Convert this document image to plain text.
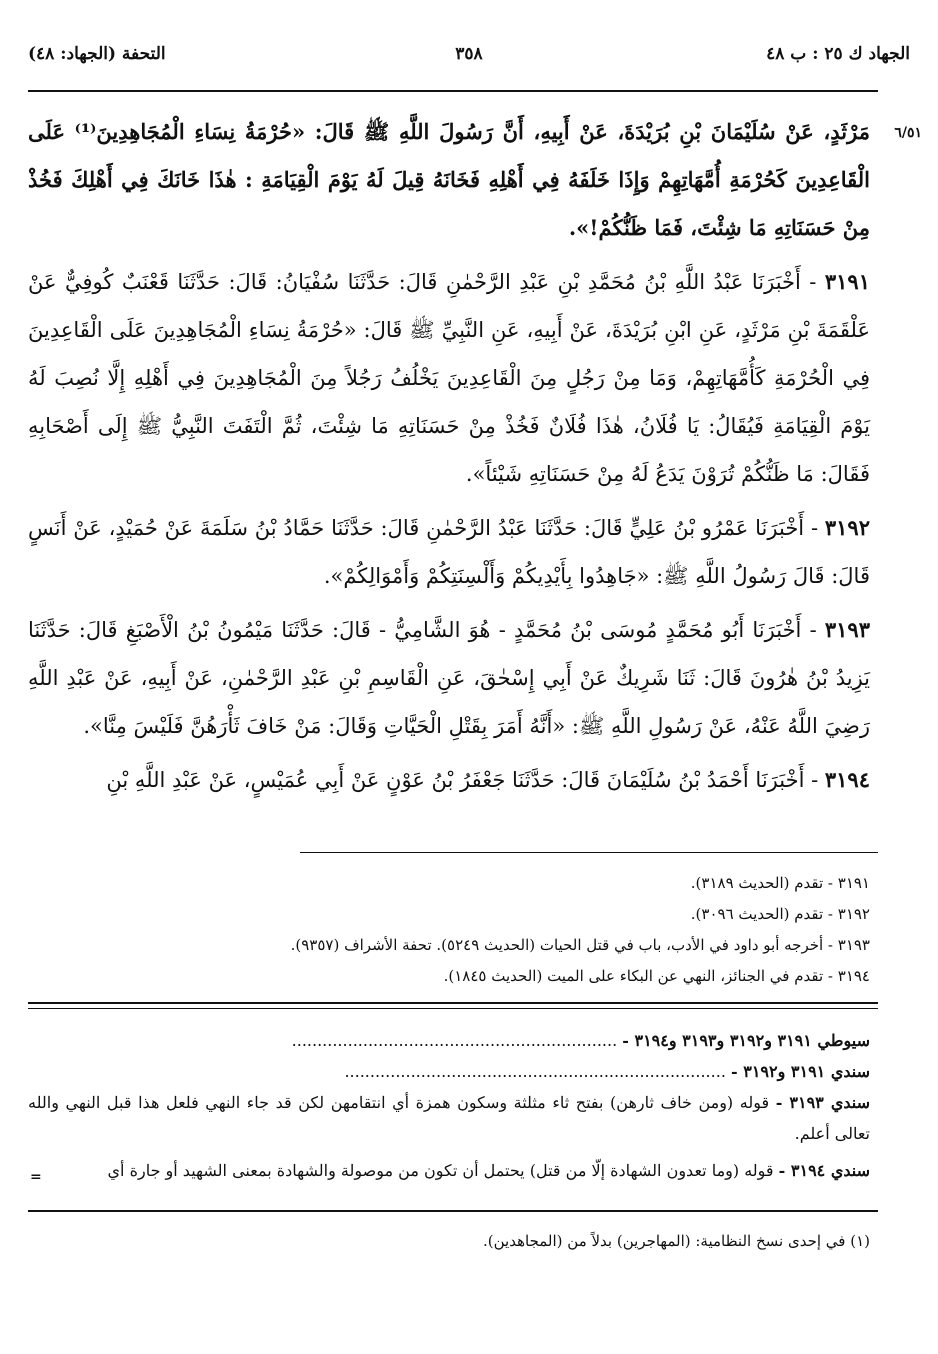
الجهاد ك ٢٥ : ب ٤٨
٣٥٨
التحفة (الجهاد: ٤٨)
٦/٥١

مَرْثَدٍ، عَنْ سُلَيْمَانَ بْنِ بُرَيْدَةَ، عَنْ أَبِيهِ، أَنَّ رَسُولَ اللَّهِ ﷺ قَالَ: «حُرْمَةُ نِسَاءِ الْمُجَاهِدِينَ⁽¹⁾ عَلَى الْقَاعِدِينَ كَحُرْمَةِ أُمَّهَاتِهِمْ وَإِذَا خَلَفَهُ فِي أَهْلِهِ فَخَانَهُ قِيلَ لَهُ يَوْمَ الْقِيَامَةِ : هٰذَا خَانَكَ فِي أَهْلِكَ فَخُذْ مِنْ حَسَنَاتِهِ مَا شِئْتَ، فَمَا ظَنُّكُمْ!».

٣١٩١ - أَخْبَرَنَا عَبْدُ اللَّهِ بْنُ مُحَمَّدِ بْنِ عَبْدِ الرَّحْمٰنِ قَالَ: حَدَّثَنَا سُفْيَانُ: قَالَ: حَدَّثَنَا قَعْنَبٌ كُوفِيٌّ عَنْ عَلْقَمَةَ بْنِ مَرْثَدٍ، عَنِ ابْنِ بُرَيْدَةَ، عَنْ أَبِيهِ، عَنِ النَّبِيِّ ﷺ قَالَ: «حُرْمَةُ نِسَاءِ الْمُجَاهِدِينَ عَلَى الْقَاعِدِينَ فِي الْحُرْمَةِ كَأُمَّهَاتِهِمْ، وَمَا مِنْ رَجُلٍ مِنَ الْقَاعِدِينَ يَخْلُفُ رَجُلاً مِنَ الْمُجَاهِدِينَ فِي أَهْلِهِ إِلَّا نُصِبَ لَهُ يَوْمَ الْقِيَامَةِ فَيُقَالُ: يَا فُلَانُ، هٰذَا فُلَانٌ فَخُذْ مِنْ حَسَنَاتِهِ مَا شِئْتَ، ثُمَّ الْتَفَتَ النَّبِيُّ ﷺ إِلَى أَصْحَابِهِ فَقَالَ: مَا ظَنُّكُمْ تُرَوْنَ يَدَعُ لَهُ مِنْ حَسَنَاتِهِ شَيْئاً».

٣١٩٢ - أَخْبَرَنَا عَمْرُو بْنُ عَلِيٍّ قَالَ: حَدَّثَنَا عَبْدُ الرَّحْمٰنِ قَالَ: حَدَّثَنَا حَمَّادُ بْنُ سَلَمَةَ عَنْ حُمَيْدٍ، عَنْ أَنَسٍ قَالَ: قَالَ رَسُولُ اللَّهِ ﷺ: «جَاهِدُوا بِأَيْدِيكُمْ وَأَلْسِنَتِكُمْ وَأَمْوَالِكُمْ».

٣١٩٣ - أَخْبَرَنَا أَبُو مُحَمَّدٍ مُوسَى بْنُ مُحَمَّدٍ - هُوَ الشَّامِيُّ - قَالَ: حَدَّثَنَا مَيْمُونُ بْنُ الْأَصْبَغِ قَالَ: حَدَّثَنَا يَزِيدُ بْنُ هٰرُونَ قَالَ: ثَنَا شَرِيكٌ عَنْ أَبِي إِسْحٰقَ، عَنِ الْقَاسِمِ بْنِ عَبْدِ الرَّحْمٰنِ، عَنْ أَبِيهِ، عَنْ عَبْدِ اللَّهِ رَضِيَ اللَّهُ عَنْهُ، عَنْ رَسُولِ اللَّهِ ﷺ: «أَنَّهُ أَمَرَ بِقَتْلِ الْحَيَّاتِ وَقَالَ: مَنْ خَافَ ثَأْرَهُنَّ فَلَيْسَ مِنَّا».

٣١٩٤ - أَخْبَرَنَا أَحْمَدُ بْنُ سُلَيْمَانَ قَالَ: حَدَّثَنَا جَعْفَرُ بْنُ عَوْنٍ عَنْ أَبِي عُمَيْسٍ، عَنْ عَبْدِ اللَّهِ بْنِ

٣١٩١ - تقدم (الحديث ٣١٨٩).
٣١٩٢ - تقدم (الحديث ٣٠٩٦).
٣١٩٣ - أخرجه أبو داود في الأدب، باب في قتل الحيات (الحديث ٥٢٤٩). تحفة الأشراف (٩٣٥٧).
٣١٩٤ - تقدم في الجنائز، النهي عن البكاء على الميت (الحديث ١٨٤٥).

سيوطي ٣١٩١ و٣١٩٢ و٣١٩٣ و٣١٩٤ - ................................................................

سندي ٣١٩١ و٣١٩٢ - ...........................................................................

سندي ٣١٩٣ - قوله (ومن خاف ثارهن) بفتح ثاء مثلثة وسكون همزة أي انتقامهن لكن قد جاء النهي فلعل هذا قبل النهي والله تعالى أعلم.

سندي ٣١٩٤ - قوله (وما تعدون الشهادة إلّا من قتل) يحتمل أن تكون من موصولة والشهادة بمعنى الشهيد أو جارة أي

=
(١) في إحدى نسخ النظامية: (المهاجرين) بدلاً من (المجاهدين).
